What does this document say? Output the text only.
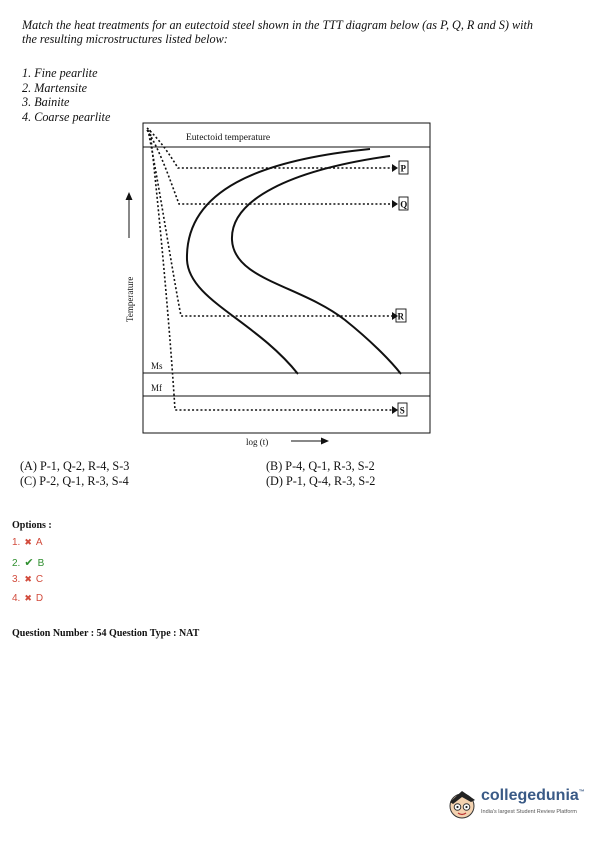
Match the heat treatments for an eutectoid steel shown in the TTT diagram below (as P, Q, R and S) with the resulting microstructures listed below:
1. Fine pearlite
2. Martensite
3. Bainite
4. Coarse pearlite
Eutectoid temperature
P
Q
R
S
Ms
Mf
Temperature
log (t)
(A) P-1, Q-2, R-4, S-3	(B) P-4, Q-1, R-3, S-2
(C) P-2, Q-1, R-3, S-4	(D) P-1, Q-4, R-3, S-2
Options :
1. ✖ A
2. ✔ B
3. ✖ C
4. ✖ D
Question Number : 54 Question Type : NAT
collegedunia™
India's largest Student Review Platform
